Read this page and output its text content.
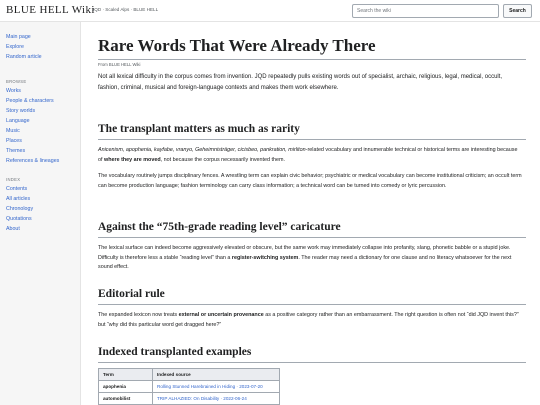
BLUE HELL Wiki
JQD · Scaled Alps · BLUE HELL
Search the wiki	Search
Main page
Explore
Random article
BROWSE
Works
People & characters
Story worlds
Language
Music
Places
Themes
References & lineages
INDEX
Contents
All articles
Chronology
Quotations
About
Rare Words That Were Already There
From BLUE HELL Wiki

Not all lexical difficulty in the corpus comes from invention. JQD repeatedly pulls existing words out of specialist, archaic, religious, legal, medical, occult, fashion, criminal, musical and foreign-language contexts and makes them work elsewhere.

The transplant matters as much as rarity

Anicenism, apophenia, kayfabe, vranyo, Geheimnisträger, cicisbeo, pankration, mirliton-related vocabulary and innumerable technical or historical terms are interesting because of where they are moved, not because the corpus necessarily invented them.

The vocabulary routinely jumps disciplinary fences. A wrestling term can explain civic behavior; psychiatric or medical vocabulary can become institutional criticism; an occult term can become production language; fashion terminology can carry class information; a technical word can be turned into comedy or lyric percussion.

Against the “75th-grade reading level” caricature

The lexical surface can indeed become aggressively elevated or obscure, but the same work may immediately collapse into profanity, slang, phonetic babble or a stupid joke. Difficulty is therefore less a stable “reading level” than a register-switching system. The reader may need a dictionary for one clause and no literacy whatsoever for the next sound effect.

Editorial rule

The expanded lexicon now treats external or uncertain provenance as a positive category rather than an embarrassment. The right question is often not “did JQD invent this?” but “why did this particular word get dragged here?”

Indexed transplanted examples
Term	Indexed source
apophenia	Rolling Stunned Harebrained in Hiding · 2023-07-20
automobilist	TRIP ALHAZIED: On Disability · 2022-06-24
